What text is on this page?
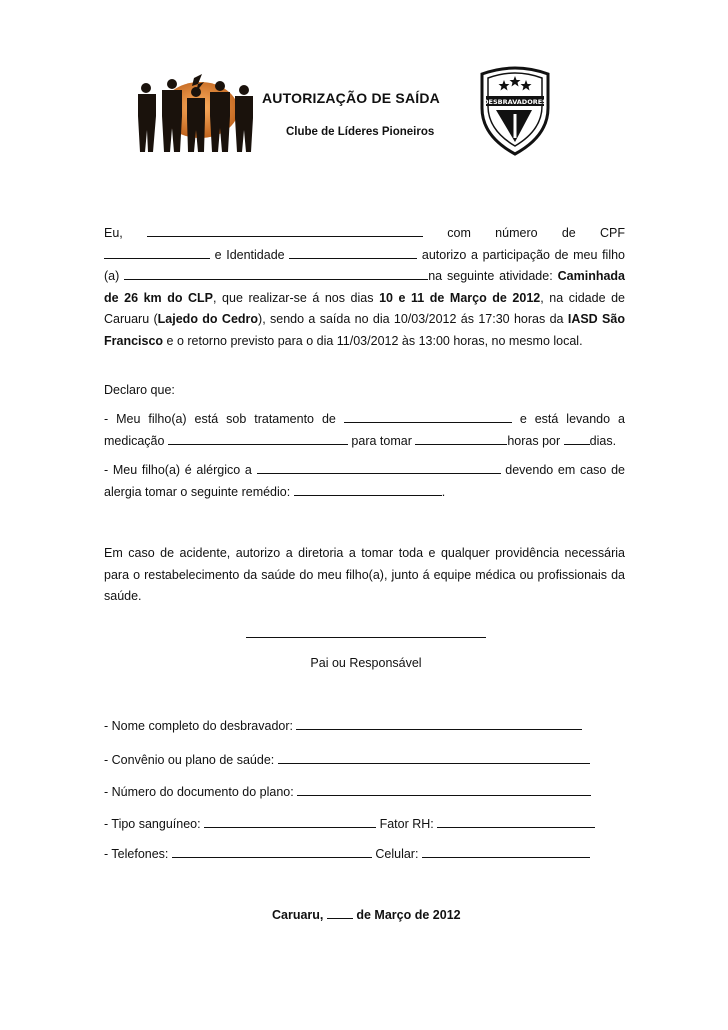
DESBRAVADORES
AUTORIZAÇÃO DE SAÍDA
Clube de Líderes Pioneiros
Eu,	com número de CPF  e Identidade	autorizo a participação de meu filho (a)	na seguinte atividade: Caminhada de 26 km do CLP, que realizar-se á nos dias 10 e 11 de Março de 2012, na cidade de Caruaru (Lajedo do Cedro), sendo a saída no dia 10/03/2012 ás 17:30 horas da IASD São Francisco e o retorno previsto para o dia 11/03/2012 às 13:00 horas, no mesmo local.
Declaro que:
- Meu filho(a) está sob tratamento de	e está levando a medicação	para tomar	horas por dias.
- Meu filho(a) é alérgico a	devendo em caso de alergia tomar o seguinte remédio:	.
Em caso de acidente, autorizo a diretoria a tomar toda e qualquer providência necessária para o restabelecimento da saúde do meu filho(a), junto á equipe médica ou profissionais da saúde.
Pai ou Responsável
- Nome completo do desbravador:
- Convênio ou plano de saúde:
- Número do documento do plano:
- Tipo sanguíneo:	Fator RH:
- Telefones:	Celular:
Caruaru,	de Março de 2012
